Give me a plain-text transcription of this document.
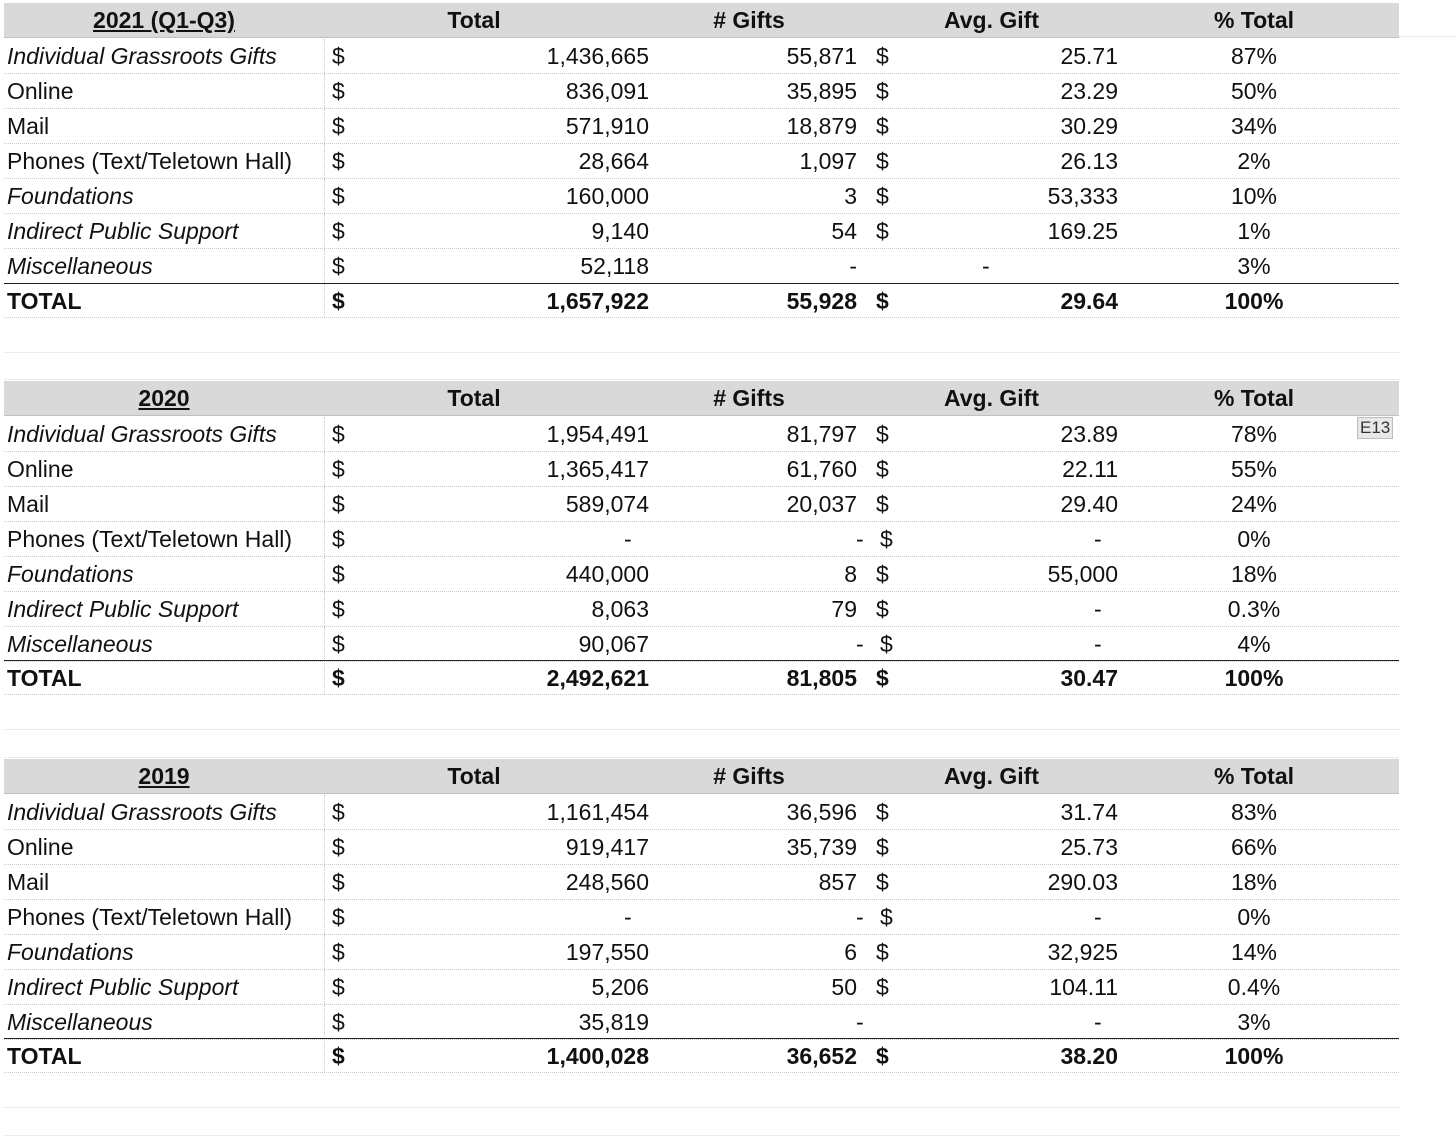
2021 (Q1-Q3)	Total	# Gifts	Avg. Gift	% Total
Individual Grassroots Gifts $	1,436,665	55,871 $	25.71	87%
Online	$	836,091	35,895 $	23.29	50%
Mail	$	571,910	18,879 $	30.29	34%
Phones (Text/Teletown Hall) $	28,664	1,097 $	26.13	2%
Foundations	$	160,000	3 $	53,333	10%
Indirect Public Support	$	9,140	54 $	169.25	1%
Miscellaneous	$	52,118	-	-	3%
TOTAL	$	1,657,922	55,928 $	29.64	100%
2020	Total	# Gifts	Avg. Gift	% Total
Individual Grassroots Gifts $	1,954,491	81,797 $	23.89	78%
Online	$	1,365,417	61,760 $	22.11	55%
Mail	$	589,074	20,037 $	29.40	24%
Phones (Text/Teletown Hall) $	-	- $	-	0%
Foundations	$	440,000	8 $	55,000	18%
Indirect Public Support	$	8,063	79 $	-	0.3%
Miscellaneous	$	90,067	- $	-	4%
TOTAL	$	2,492,621	81,805 $	30.47	100%
2019	Total	# Gifts	Avg. Gift	% Total
Individual Grassroots Gifts $	1,161,454	36,596 $	31.74	83%
Online	$	919,417	35,739 $	25.73	66%
Mail	$	248,560	857 $	290.03	18%
Phones (Text/Teletown Hall) $	-	- $	-	0%
Foundations	$	197,550	6 $	32,925	14%
Indirect Public Support	$	5,206	50 $	104.11	0.4%
Miscellaneous	$	35,819	-	-	3%
TOTAL	$	1,400,028	36,652 $	38.20	100%
E13
